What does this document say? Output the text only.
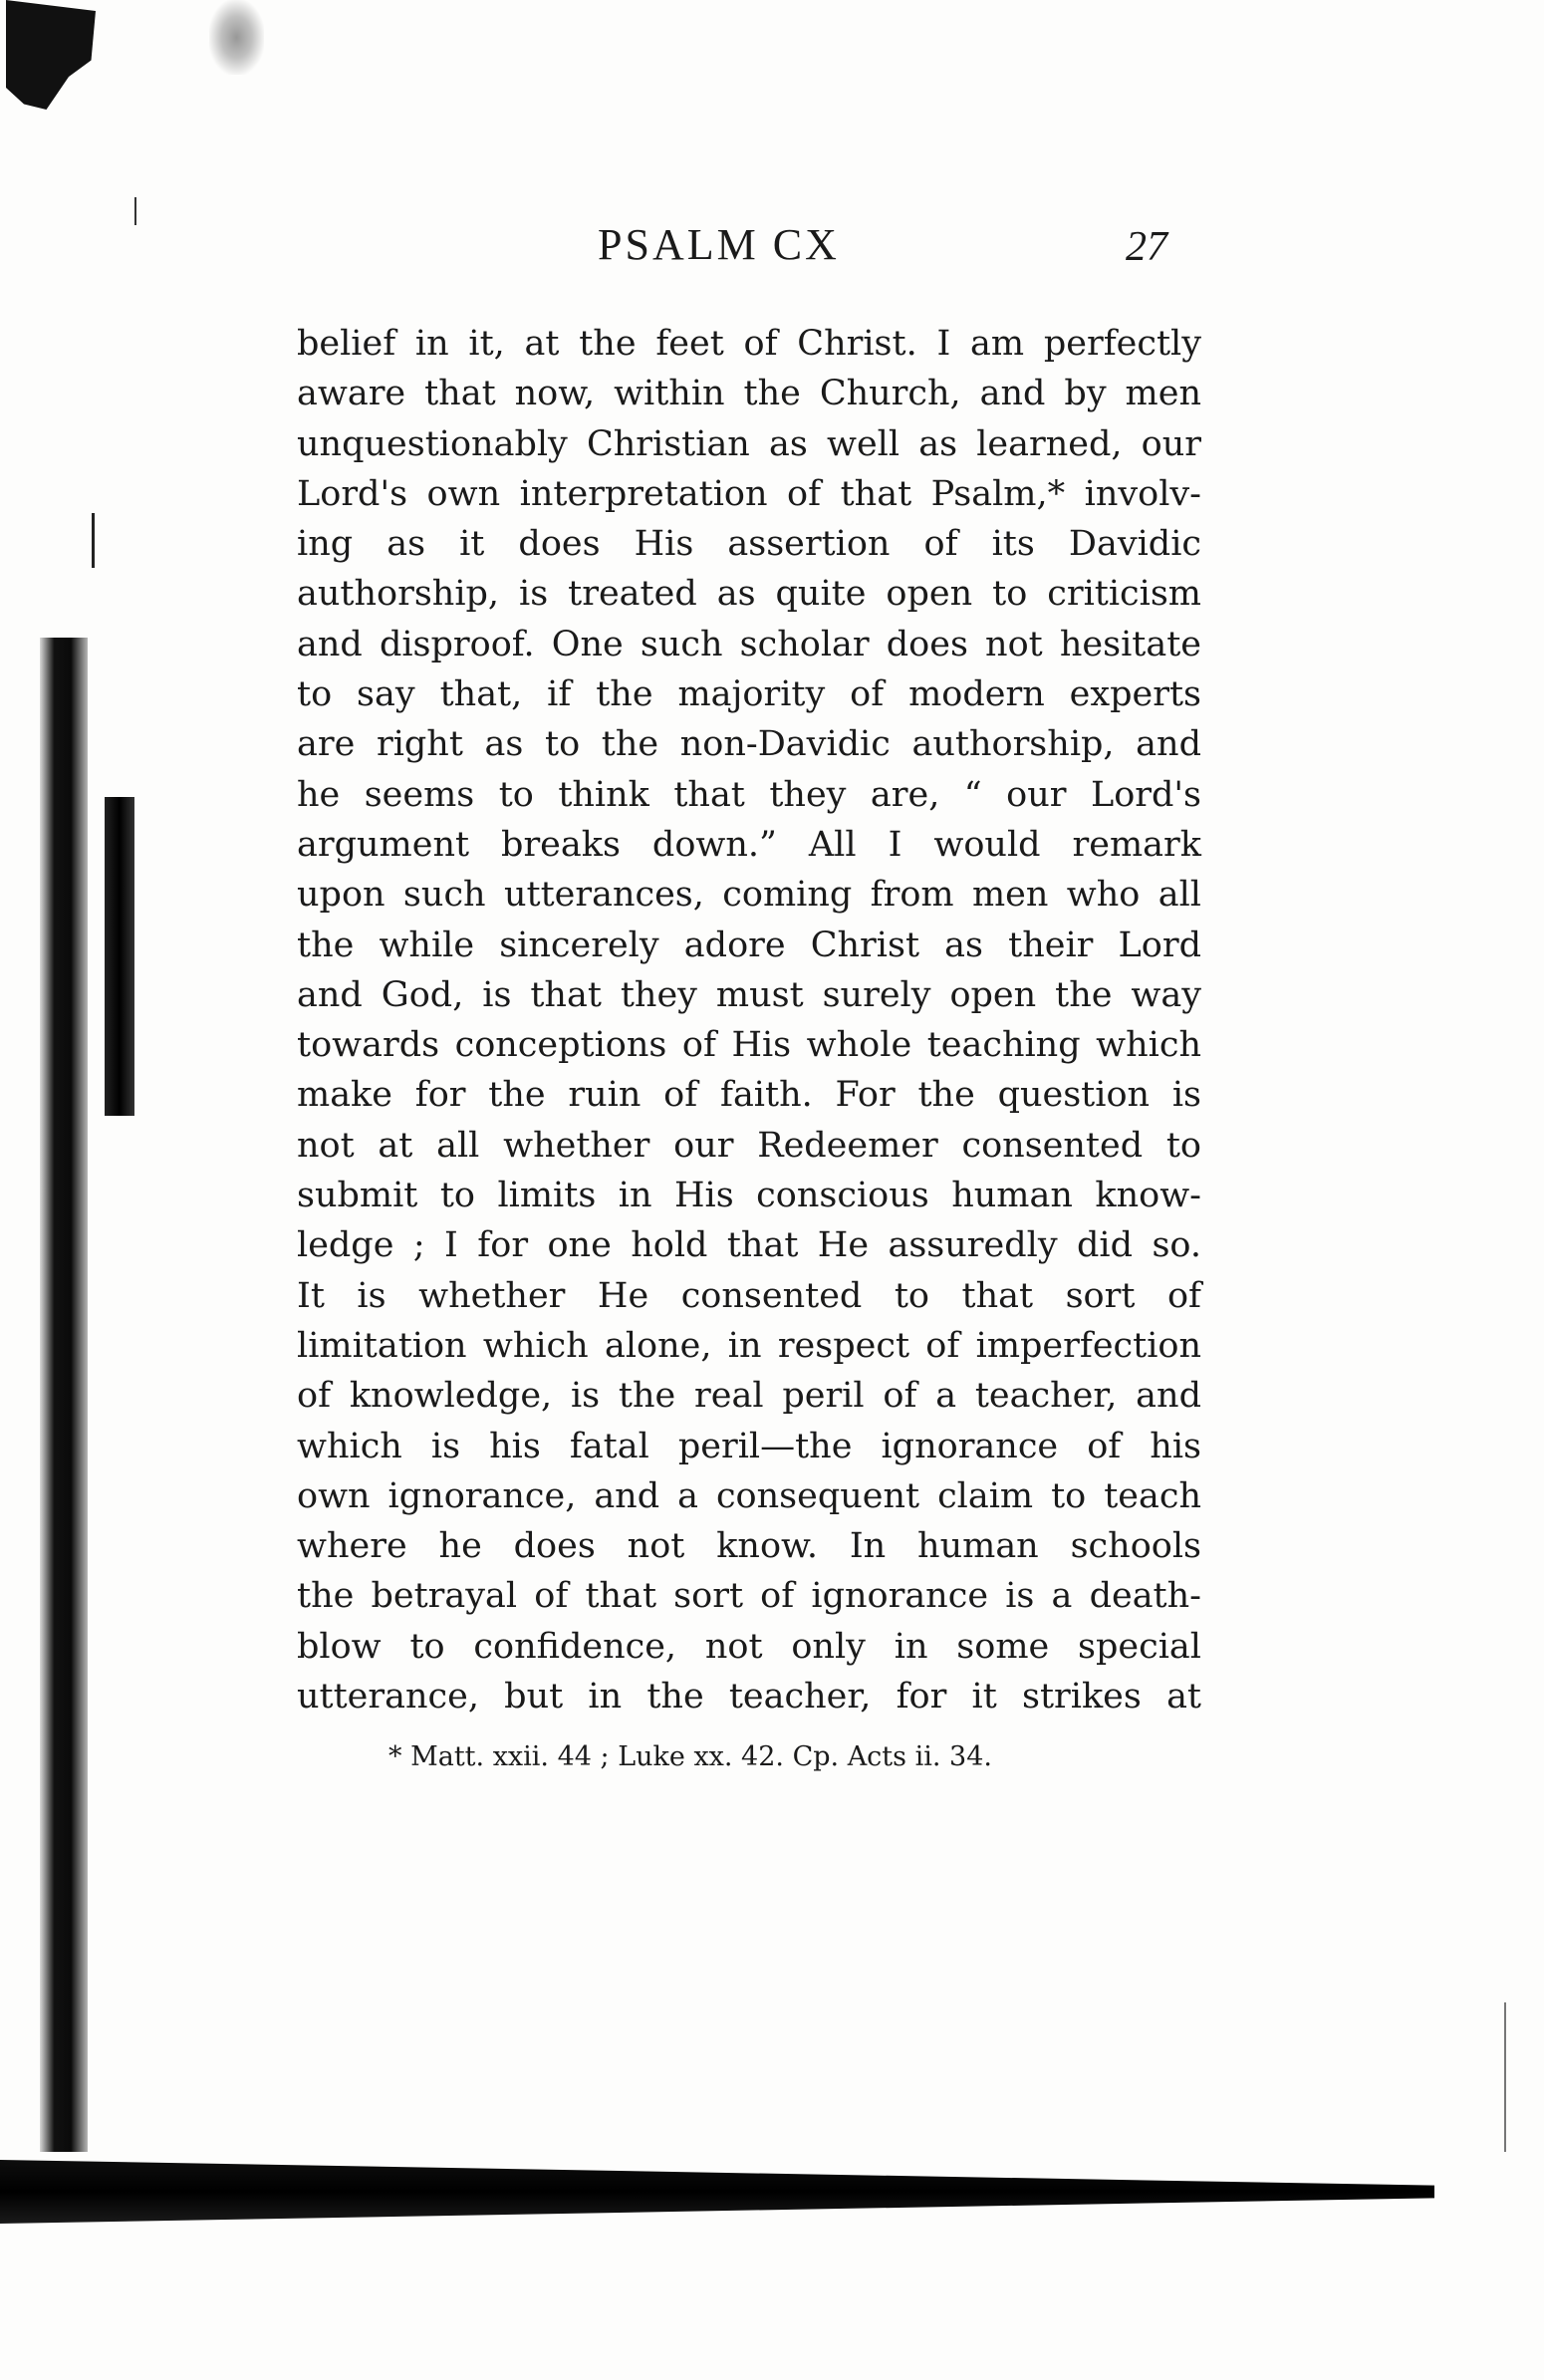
PSALM CX	27
belief in it, at the feet of Christ. I am perfectly
aware that now, within the Church, and by men
unquestionably Christian as well as learned, our
Lord's own interpretation of that Psalm,* involv-
ing as it does His assertion of its Davidic
authorship, is treated as quite open to criticism
and disproof. One such scholar does not hesitate
to say that, if the majority of modern experts
are right as to the non-Davidic authorship, and
he seems to think that they are, “ our Lord's
argument breaks down.” All I would remark
upon such utterances, coming from men who all
the while sincerely adore Christ as their Lord
and God, is that they must surely open the way
towards conceptions of His whole teaching which
make for the ruin of faith. For the question is
not at all whether our Redeemer consented to
submit to limits in His conscious human know-
ledge ; I for one hold that He assuredly did so.
It is whether He consented to that sort of
limitation which alone, in respect of imperfection
of knowledge, is the real peril of a teacher, and
which is his fatal peril—the ignorance of his
own ignorance, and a consequent claim to teach
where he does not know. In human schools
the betrayal of that sort of ignorance is a death-
blow to confidence, not only in some special
utterance, but in the teacher, for it strikes at
* Matt. xxii. 44 ; Luke xx. 42. Cp. Acts ii. 34.
